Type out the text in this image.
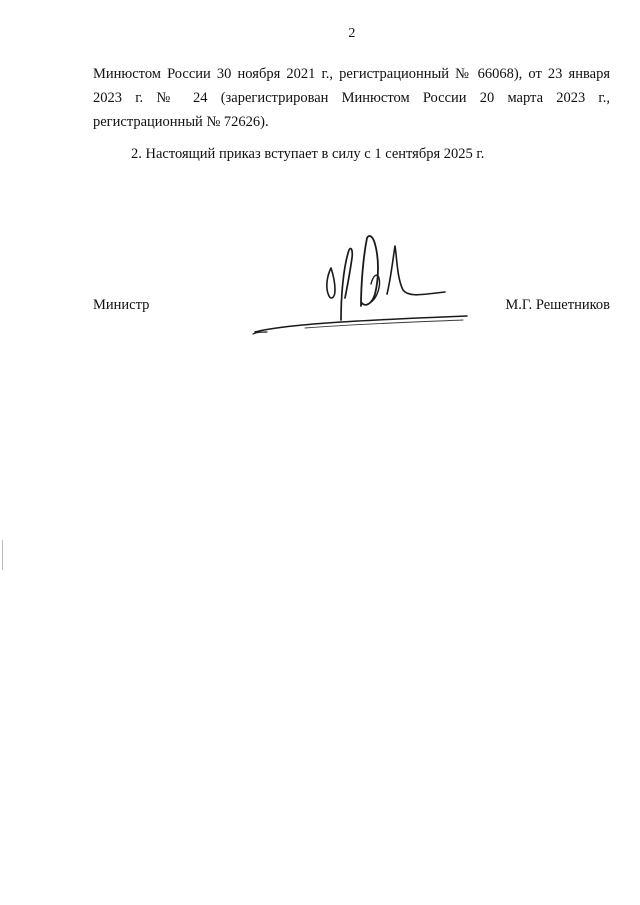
2
Минюстом России 30 ноября 2021 г., регистрационный № 66068), от 23 января
2023 г. № 24 (зарегистрирован Минюстом России 20 марта 2023 г.,
регистрационный № 72626).
2. Настоящий приказ вступает в силу с 1 сентября 2025 г.
Министр	М.Г. Решетников
